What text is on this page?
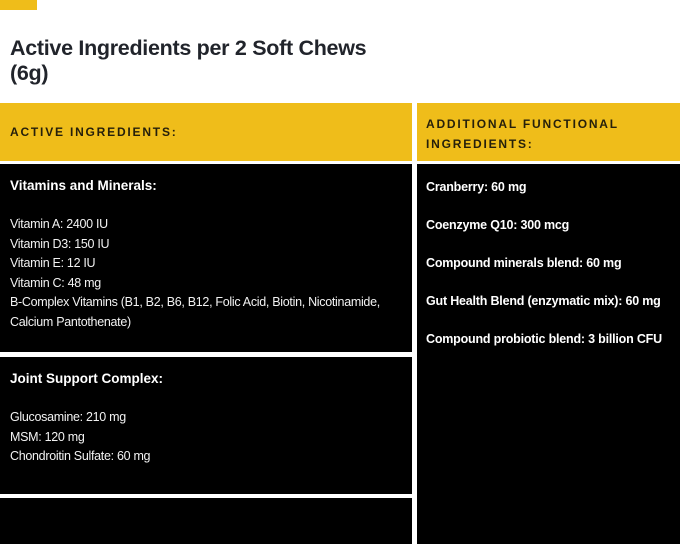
Active Ingredients per 2 Soft Chews
(6g)
ACTIVE INGREDIENTS:
ADDITIONAL FUNCTIONAL INGREDIENTS:
Vitamins and Minerals:

Vitamin A: 2400 IU

Vitamin D3: 150 IU

Vitamin E: 12 IU

Vitamin C: 48 mg

B-Complex Vitamins (B1, B2, B6, B12, Folic Acid, Biotin, Nicotinamide, Calcium Pantothenate)

Joint Support Complex:

Glucosamine: 210 mg

MSM: 120 mg

Chondroitin Sulfate: 60 mg

Cranberry: 60 mg

Coenzyme Q10: 300 mcg

Compound minerals blend: 60 mg

Gut Health Blend (enzymatic mix): 60 mg

Compound probiotic blend: 3 billion CFU
